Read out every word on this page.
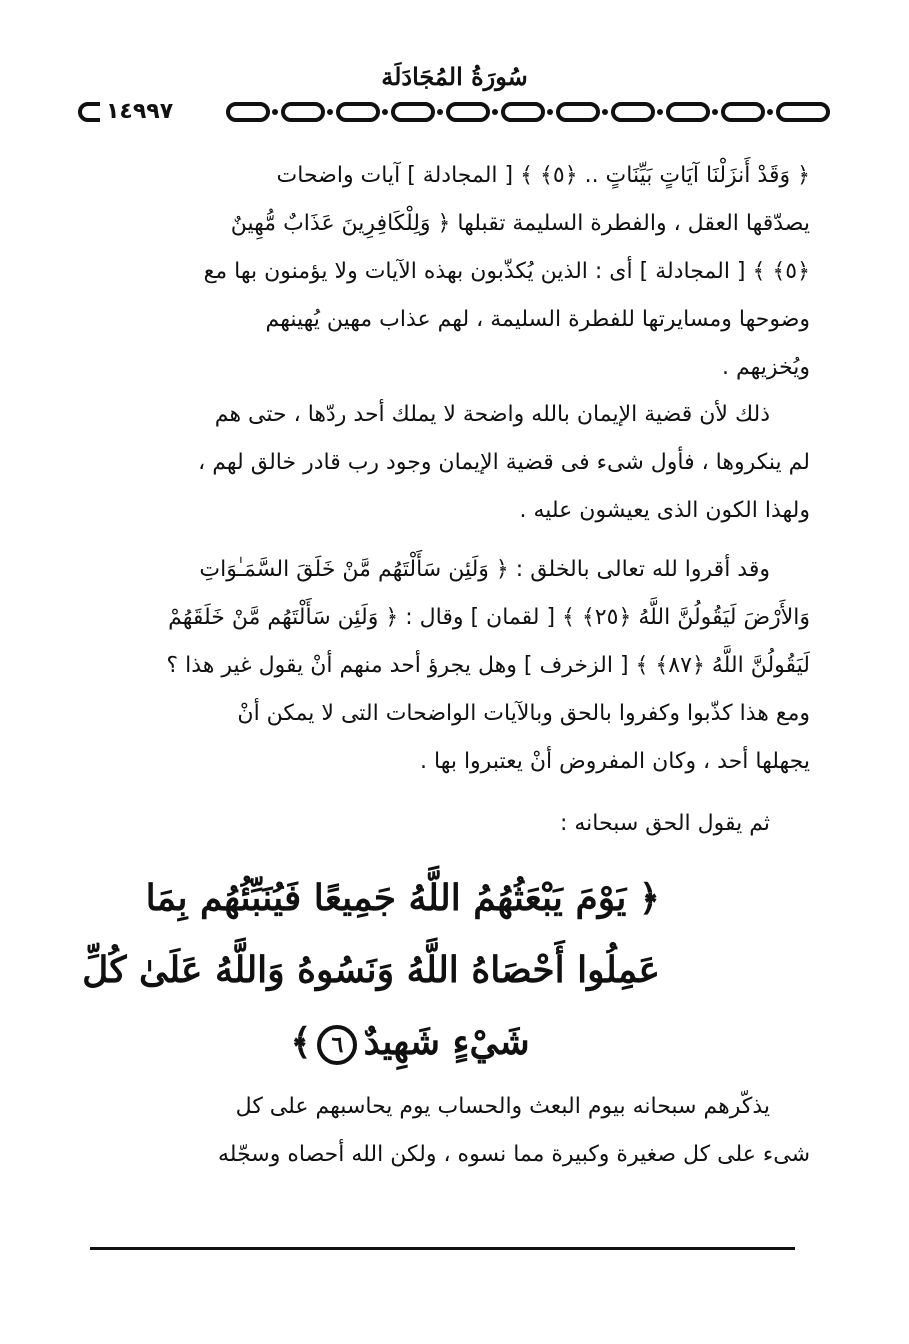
سُورَةُ المُجَادَلَة
١٤٩٩٧
﴿ وَقَدْ أَنزَلْنَا آيَاتٍ بَيِّنَاتٍ .. ﴿٥﴾ ﴾ [ المجادلة ] آيات واضحات
يصدّقها العقل ، والفطرة السليمة تقبلها ﴿ وَلِلْكَافِرِينَ عَذَابٌ مُّهِينٌ
﴿٥﴾ ﴾ [ المجادلة ] أى : الذين يُكذّبون بهذه الآيات ولا يؤمنون بها مع
وضوحها ومسايرتها للفطرة السليمة ، لهم عذاب مهين يُهينهم
ويُخزيهم .
ذلك لأن قضية الإيمان بالله واضحة لا يملك أحد ردّها ، حتى هم
لم ينكروها ، فأول شىء فى قضية الإيمان وجود رب قادر خالق لهم ،
ولهذا الكون الذى يعيشون عليه .
وقد أقروا لله تعالى بالخلق : ﴿ وَلَئِن سَأَلْتَهُم مَّنْ خَلَقَ السَّمَـٰوَاتِ
وَالأَرْضَ لَيَقُولُنَّ اللَّهُ ﴿٢٥﴾ ﴾ [ لقمان ] وقال : ﴿ وَلَئِن سَأَلْتَهُم مَّنْ خَلَقَهُمْ
لَيَقُولُنَّ اللَّهُ ﴿٨٧﴾ ﴾ [ الزخرف ] وهل يجرؤ أحد منهم أنْ يقول غير هذا ؟
ومع هذا كذّبوا وكفروا بالحق وبالآيات الواضحات التى لا يمكن أنْ
يجهلها أحد ، وكان المفروض أنْ يعتبروا بها .
ثم يقول الحق سبحانه :
﴿ يَوْمَ يَبْعَثُهُمُ اللَّهُ جَمِيعًا فَيُنَبِّئُهُم بِمَا
عَمِلُوا أَحْصَاهُ اللَّهُ وَنَسُوهُ وَاللَّهُ عَلَىٰ كُلِّ
شَيْءٍ شَهِيدٌ٦﴾
يذكّرهم سبحانه بيوم البعث والحساب يوم يحاسبهم على كل
شىء على كل صغيرة وكبيرة مما نسوه ، ولكن الله أحصاه وسجّله
